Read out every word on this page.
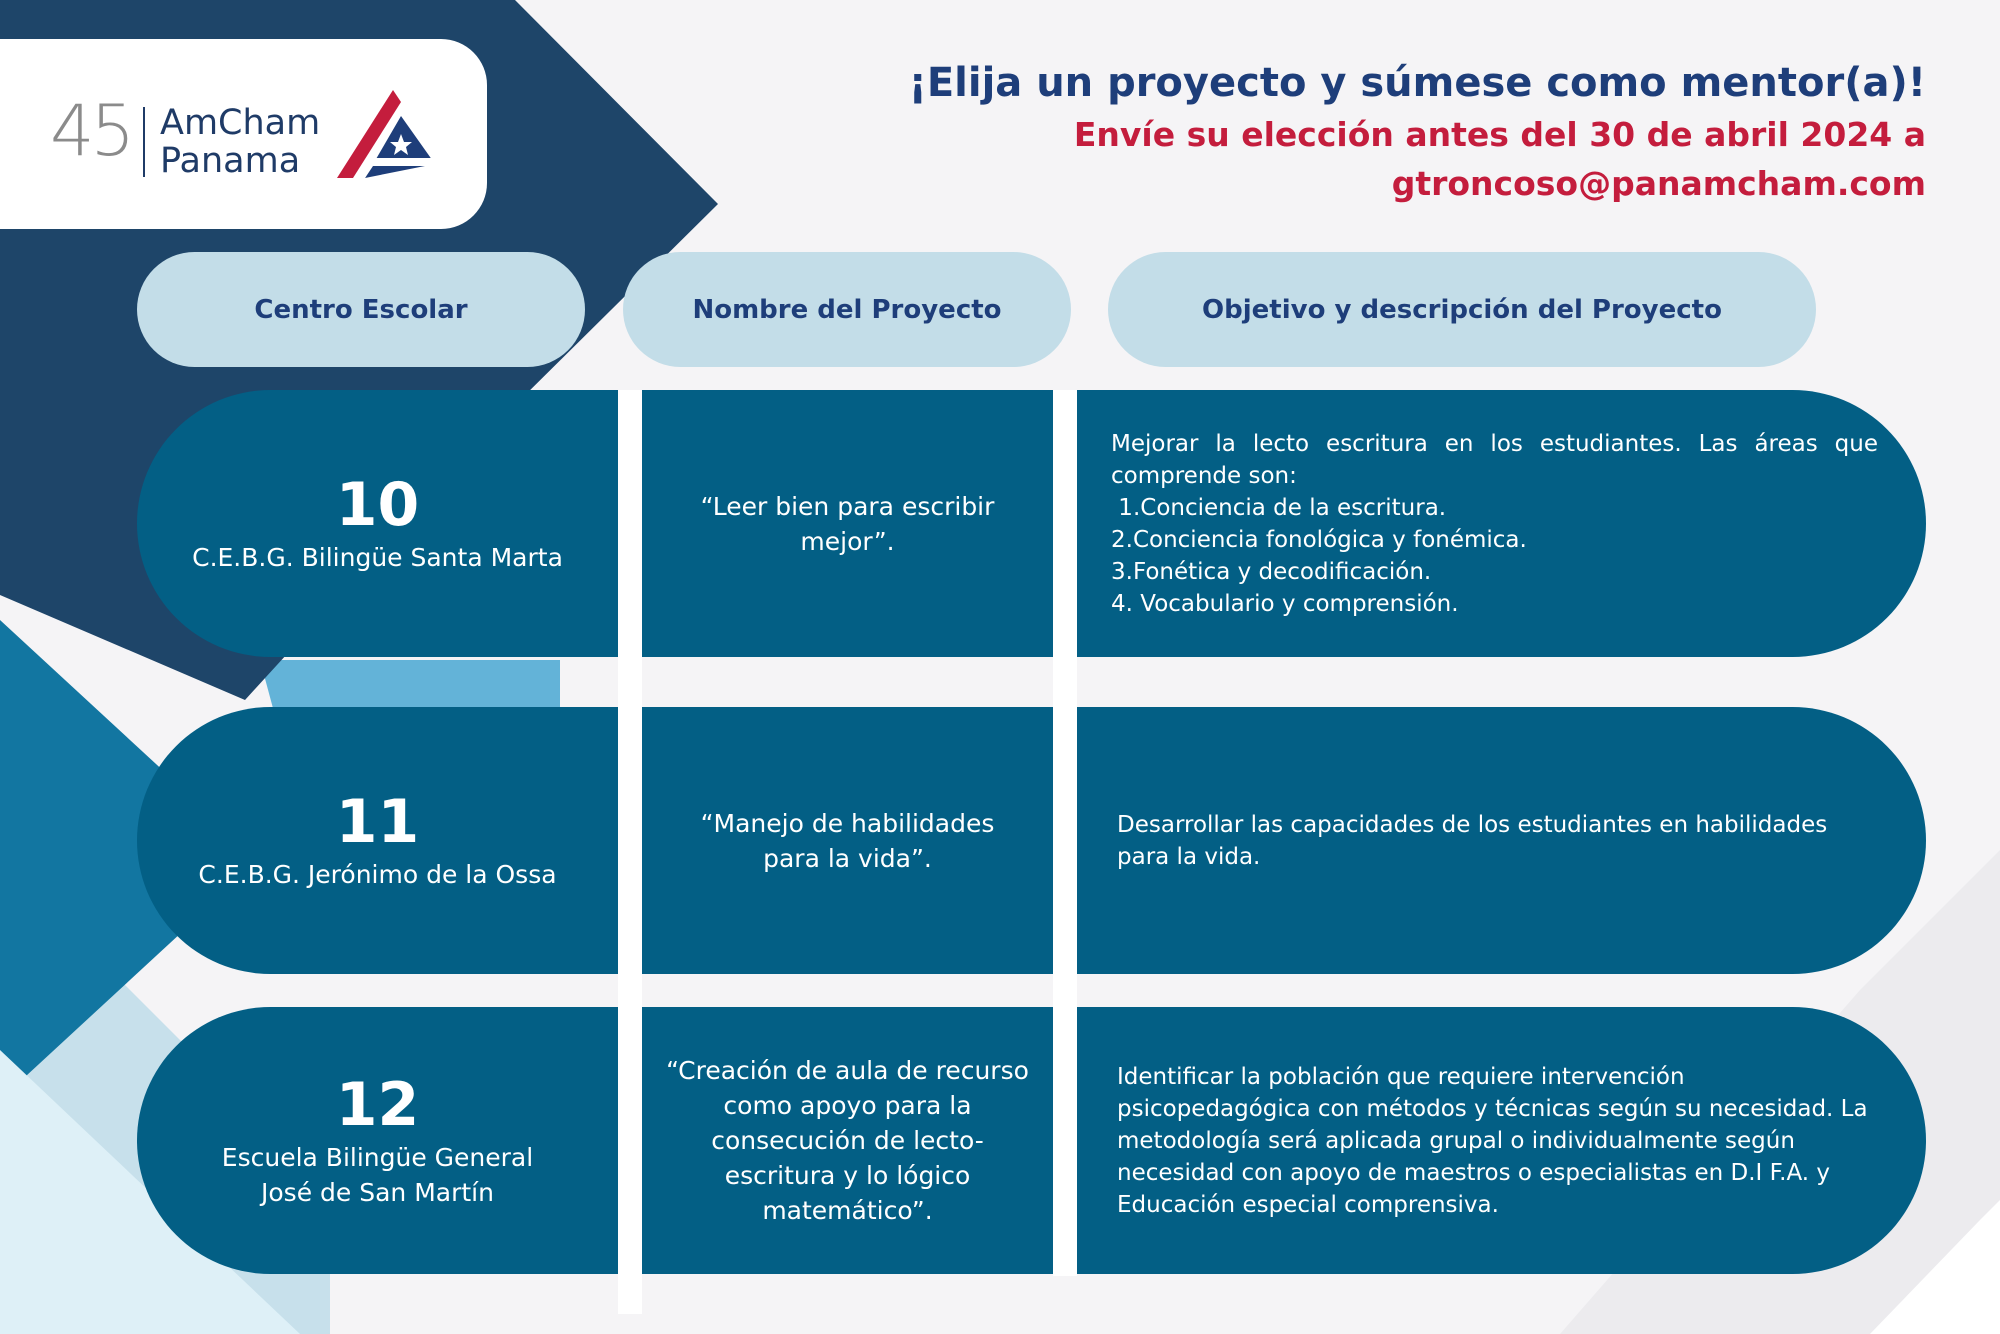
45 AmCham
Panama
¡Elija un proyecto y súmese como mentor(a)!
Envíe su elección antes del 30 de abril 2024 a
gtroncoso@panamcham.com
Centro Escolar	Nombre del Proyecto	Objetivo y descripción del Proyecto
10
C.E.B.G. Bilingüe Santa Marta
“Leer bien para escribir mejor”.
Mejorar la lecto escritura en los estudiantes. Las áreas que comprende son:
1.Conciencia de la escritura.
2.Conciencia fonológica y fonémica.
3.Fonética y decodificación.
4. Vocabulario y comprensión.
11
C.E.B.G. Jerónimo de la Ossa
“Manejo de habilidades para la vida”.
Desarrollar las capacidades de los estudiantes en habilidades para la vida.
12
Escuela Bilingüe General José de San Martín
“Creación de aula de recurso como apoyo para la consecución de lecto-escritura y lo lógico matemático”.
Identificar la población que requiere intervención psicopedagógica con métodos y técnicas según su necesidad. La metodología será aplicada grupal o individualmente según necesidad con apoyo de maestros o especialistas en D.I F.A. y Educación especial comprensiva.
